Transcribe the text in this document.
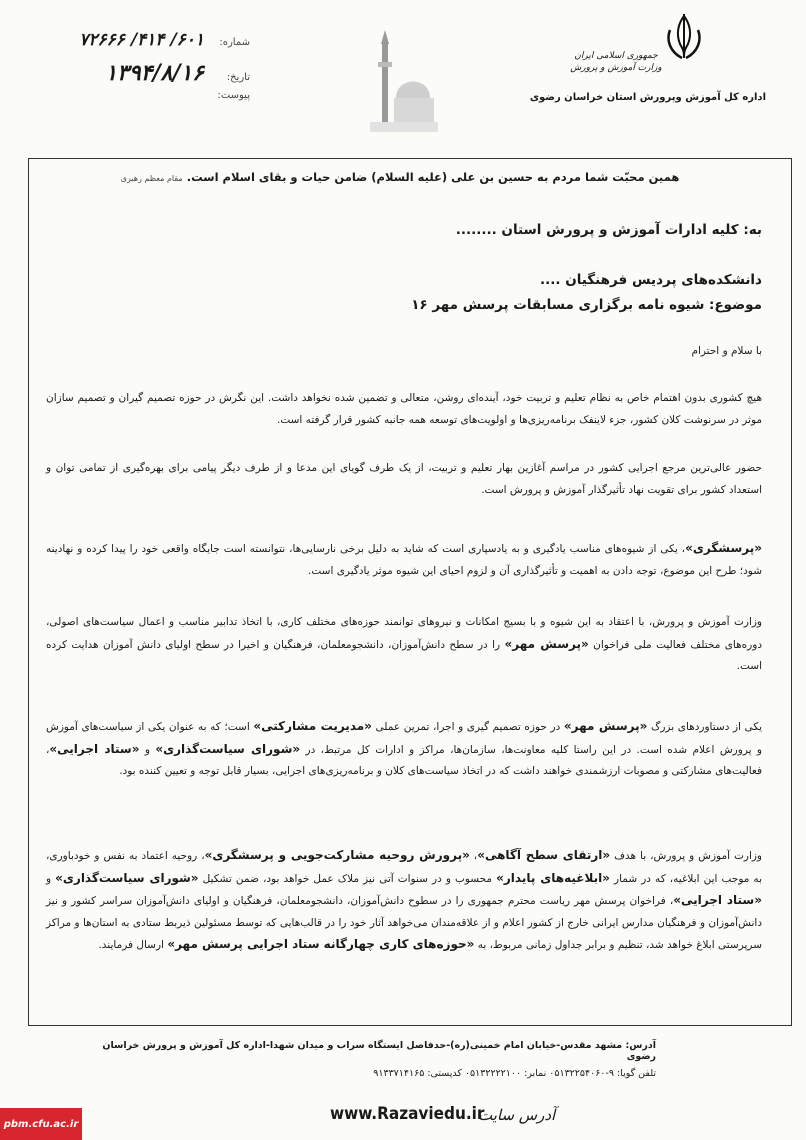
جمهوری اسلامی ایران
وزارت آموزش و پرورش
اداره کل آموزش وپرورش استان خراسان رضوی
شماره:
۶۰۱/ ۴۱۴/ ۷۲۶۶۶
تاریخ:
۱۳۹۴/۸/۱۶
پیوست:
همین محبّت شما مردم به حسین بن علی (علیه السلام) ضامن حیات و بقای اسلام است. مقام معظم رهبری
به: کلیه ادارات آموزش و پرورش استان ........
دانشکده‌های پردیس فرهنگیان ....
موضوع: شیوه نامه برگزاری مسابقات پرسش مهر ۱۶
با سلام و احترام
هیچ کشوری بدون اهتمام خاص به نظام تعلیم و تربیت خود، آینده‌ای روشن، متعالی و تضمین شده نخواهد داشت. این نگرش در حوزه تصمیم گیران و تصمیم سازان موثر در سرنوشت کلان کشور، جزء لاینفک برنامه‌ریزی‌ها و اولویت‌های توسعه همه جانبه کشور قرار گرفته است.
حضور عالی‌ترین مرجع اجرایی کشور در مراسم آغازین بهار تعلیم و تربیت، از یک طرف گویای این مدعا و از طرف دیگر پیامی برای بهره‌گیری از تمامی توان و استعداد کشور برای تقویت نهاد تأثیر‌گذار آموزش و پرورش است.
«پرسشگری»، یکی از شیوه‌های مناسب یادگیری و به یادسپاری است که شاید به دلیل برخی نارسایی‌ها، نتوانسته است جایگاه واقعی خود را پیدا کرده و نهادینه شود؛ طرح این موضوع، توجه دادن به اهمیت و تأثیرگذاری آن و لزوم احیای این شیوه موثر یادگیری است.
وزارت آموزش و پرورش، با اعتقاد به این شیوه و با بسیج امکانات و نیروهای توانمند حوزه‌های مختلف کاری، با اتخاذ تدابیر مناسب و اعمال سیاست‌های اصولی، دوره‌های مختلف فعالیت ملی فراخوان «پرسش مهر» را در سطح دانش‌آموزان، دانشجومعلمان، فرهنگیان و اخیرا در سطح اولیای دانش آموزان هدایت کرده است.
یکی از دستاوردهای بزرگ «پرسش مهر» در حوزه تصمیم گیری و اجرا، تمرین عملی «مدیریت مشارکتی» است؛ که به عنوان یکی از سیاست‌های آموزش و پرورش اعلام شده است. در این راستا کلیه معاونت‌ها، سازمان‌ها، مراکز و ادارات کل مرتبط، در «شورای سیاست‌گذاری» و «ستاد اجرایی»، فعالیت‌های مشارکتی و مصوبات ارزشمندی خواهند داشت که در اتخاذ سیاست‌های کلان و برنامه‌ریزی‌های اجرایی، بسیار قابل توجه و تعیین کننده بود.
وزارت آموزش و پرورش، با هدف «ارتقای سطح آگاهی»، «پرورش روحیه مشارکت‌جویی و پرسشگری»، روحیه اعتماد به نفس و خودباوری، به موجب این ابلاغیه، که در شمار «ابلاغیه‌های پایدار» محسوب و در سنوات آتی نیز ملاک عمل خواهد بود، ضمن تشکیل «شورای سیاست‌گذاری» و «ستاد اجرایی»، فراخوان پرسش مهر ریاست محترم جمهوری را در سطوح دانش‌آموزان، دانشجومعلمان، فرهنگیان و اولیای دانش‌آموزان سراسر کشور و نیز دانش‌آموزان و فرهنگیان مدارس ایرانی خارج از کشور اعلام و از علاقه‌مندان می‌خواهد آثار خود را در قالب‌هایی که توسط مسئولین ذیربط ستادی به استان‌ها و مراکز سرپرستی ابلاغ خواهد شد، تنظیم و برابر جداول زمانی مربوط، به «حوزه‌های کاری چهارگانه ستاد اجرایی پرسش مهر» ارسال فرمایند.
آدرس: مشهد مقدس-خیابان امام خمینی(ره)-حدفاصل ایستگاه سراب و میدان شهدا-اداره کل آموزش و پرورش خراسان رضوی
تلفن گویا: ۹-۰۵۱۳۲۲۵۴۰۶۰ نمابر: ۰۵۱۳۲۲۲۲۱۰۰ کدپستی: ۹۱۳۳۷۱۴۱۶۵
www.Razaviedu.ir
آدرس سایت
pbm.cfu.ac.ir
